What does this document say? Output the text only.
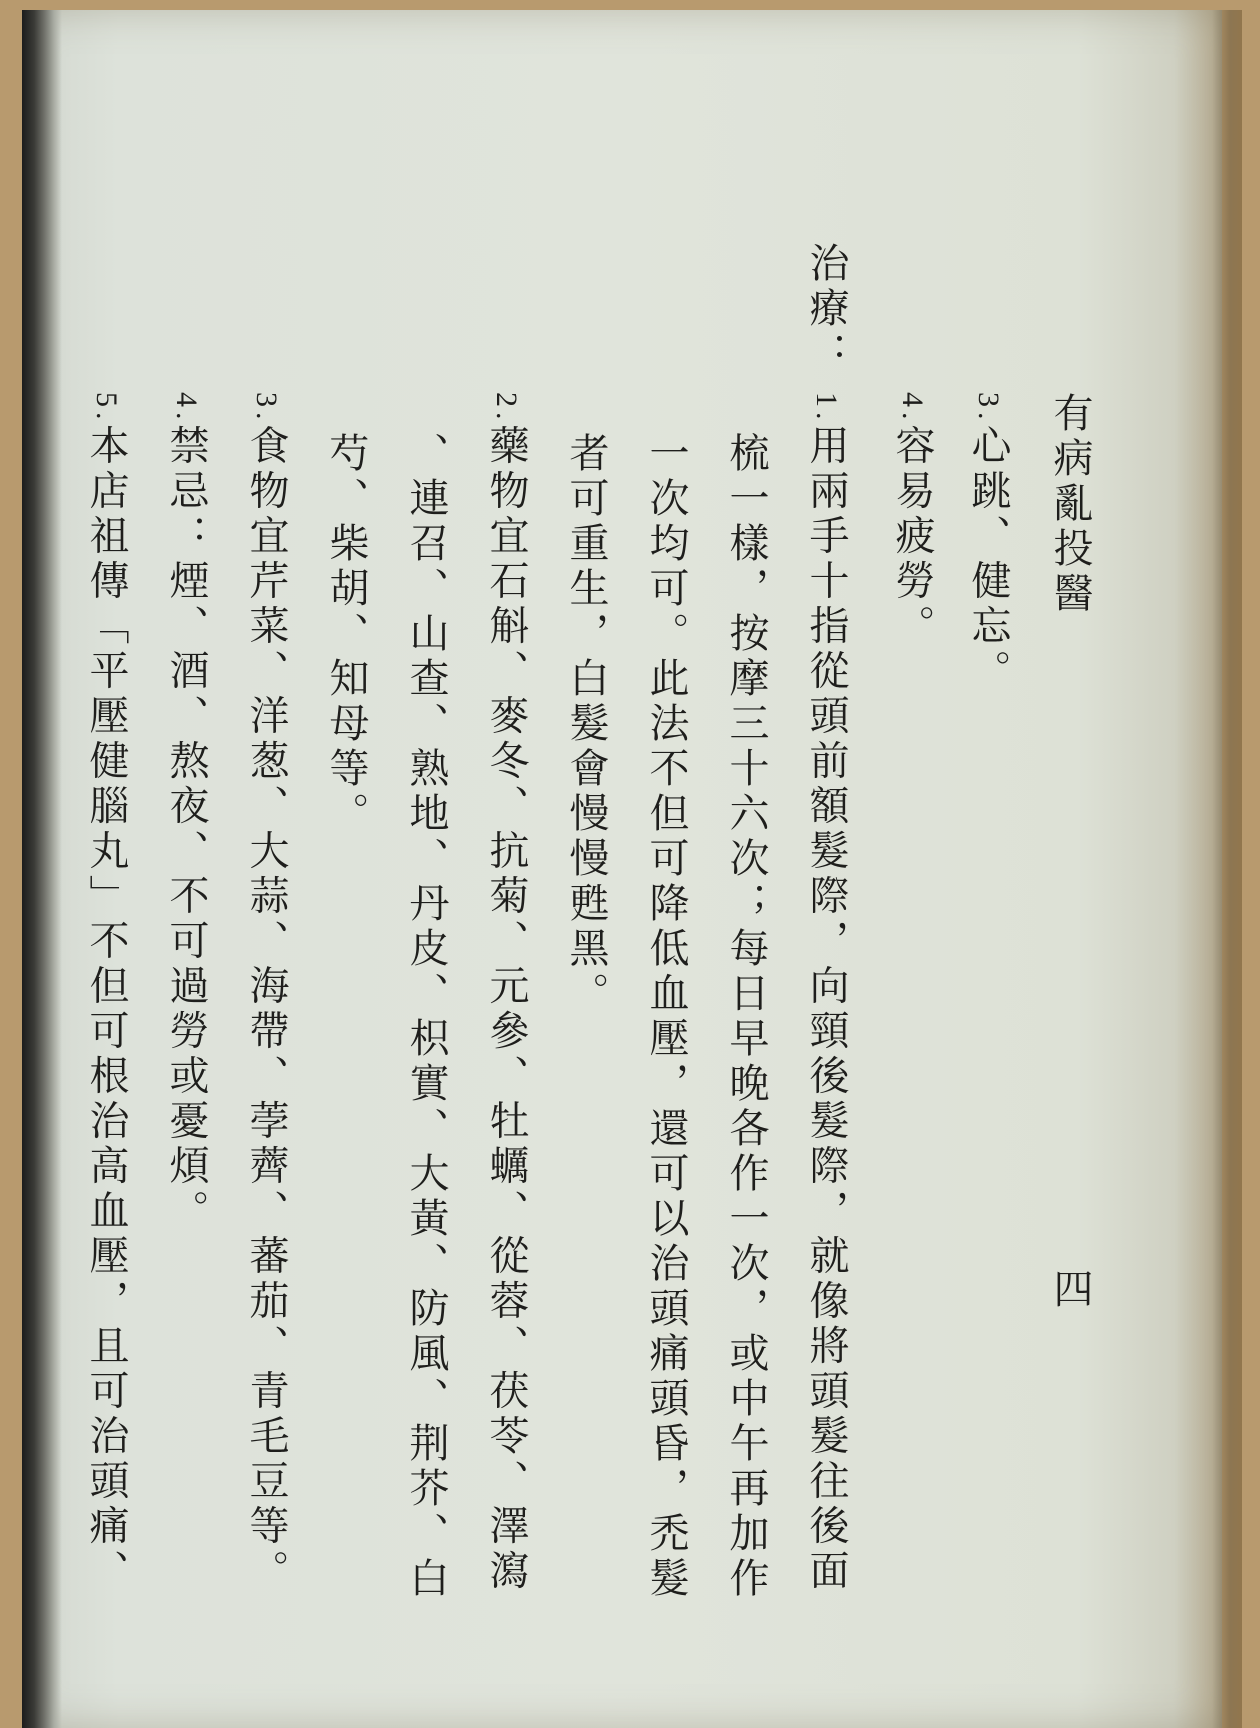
有病亂投醫
四
3.心跳、健忘。
4.容易疲勞。
治療：
1.用兩手十指從頭前額髮際，向頸後髮際，就像將頭髮往後面
梳一樣，按摩三十六次；每日早晚各作一次，或中午再加作
一次均可。此法不但可降低血壓，還可以治頭痛頭昏，禿髮
者可重生，白髮會慢慢甦黑。
2.藥物宜石斛、麥冬、抗菊、元參、牡蠣、從蓉、茯苓、澤瀉
、連召、山查、熟地、丹皮、枳實、大黃、防風、荆芥、白
芍、柴胡、知母等。
3.食物宜芹菜、洋葱、大蒜、海帶、荸薺、蕃茄、青毛豆等。
4.禁忌：煙、酒、熬夜、不可過勞或憂煩。
5.本店祖傳「平壓健腦丸」不但可根治高血壓，且可治頭痛、
